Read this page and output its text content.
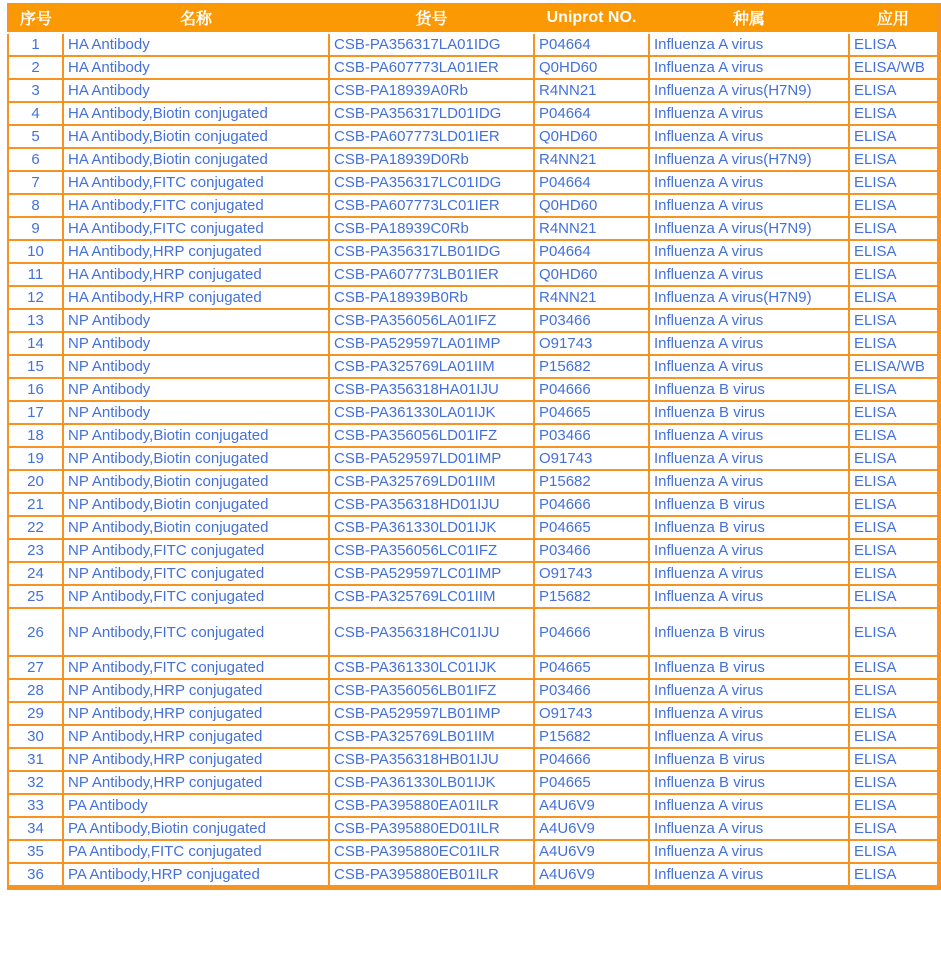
序号	名称	货号	Uniprot NO.	种属	应用
1	HA Antibody	CSB-PA356317LA01IDG	P04664	Influenza A virus	ELISA
2	HA Antibody	CSB-PA607773LA01IER	Q0HD60	Influenza A virus	ELISA/WB
3	HA Antibody	CSB-PA18939A0Rb	R4NN21	Influenza A virus(H7N9)	ELISA
4	HA Antibody,Biotin conjugated	CSB-PA356317LD01IDG	P04664	Influenza A virus	ELISA
5	HA Antibody,Biotin conjugated	CSB-PA607773LD01IER	Q0HD60	Influenza A virus	ELISA
6	HA Antibody,Biotin conjugated	CSB-PA18939D0Rb	R4NN21	Influenza A virus(H7N9)	ELISA
7	HA Antibody,FITC conjugated	CSB-PA356317LC01IDG	P04664	Influenza A virus	ELISA
8	HA Antibody,FITC conjugated	CSB-PA607773LC01IER	Q0HD60	Influenza A virus	ELISA
9	HA Antibody,FITC conjugated	CSB-PA18939C0Rb	R4NN21	Influenza A virus(H7N9)	ELISA
10	HA Antibody,HRP conjugated	CSB-PA356317LB01IDG	P04664	Influenza A virus	ELISA
11	HA Antibody,HRP conjugated	CSB-PA607773LB01IER	Q0HD60	Influenza A virus	ELISA
12	HA Antibody,HRP conjugated	CSB-PA18939B0Rb	R4NN21	Influenza A virus(H7N9)	ELISA
13	NP Antibody	CSB-PA356056LA01IFZ	P03466	Influenza A virus	ELISA
14	NP Antibody	CSB-PA529597LA01IMP	O91743	Influenza A virus	ELISA
15	NP Antibody	CSB-PA325769LA01IIM	P15682	Influenza A virus	ELISA/WB
16	NP Antibody	CSB-PA356318HA01IJU	P04666	Influenza B virus	ELISA
17	NP Antibody	CSB-PA361330LA01IJK	P04665	Influenza B virus	ELISA
18	NP Antibody,Biotin conjugated	CSB-PA356056LD01IFZ	P03466	Influenza A virus	ELISA
19	NP Antibody,Biotin conjugated	CSB-PA529597LD01IMP	O91743	Influenza A virus	ELISA
20	NP Antibody,Biotin conjugated	CSB-PA325769LD01IIM	P15682	Influenza A virus	ELISA
21	NP Antibody,Biotin conjugated	CSB-PA356318HD01IJU	P04666	Influenza B virus	ELISA
22	NP Antibody,Biotin conjugated	CSB-PA361330LD01IJK	P04665	Influenza B virus	ELISA
23	NP Antibody,FITC conjugated	CSB-PA356056LC01IFZ	P03466	Influenza A virus	ELISA
24	NP Antibody,FITC conjugated	CSB-PA529597LC01IMP	O91743	Influenza A virus	ELISA
25	NP Antibody,FITC conjugated	CSB-PA325769LC01IIM	P15682	Influenza A virus	ELISA
26	NP Antibody,FITC conjugated	CSB-PA356318HC01IJU	P04666	Influenza B virus	ELISA
27	NP Antibody,FITC conjugated	CSB-PA361330LC01IJK	P04665	Influenza B virus	ELISA
28	NP Antibody,HRP conjugated	CSB-PA356056LB01IFZ	P03466	Influenza A virus	ELISA
29	NP Antibody,HRP conjugated	CSB-PA529597LB01IMP	O91743	Influenza A virus	ELISA
30	NP Antibody,HRP conjugated	CSB-PA325769LB01IIM	P15682	Influenza A virus	ELISA
31	NP Antibody,HRP conjugated	CSB-PA356318HB01IJU	P04666	Influenza B virus	ELISA
32	NP Antibody,HRP conjugated	CSB-PA361330LB01IJK	P04665	Influenza B virus	ELISA
33	PA Antibody	CSB-PA395880EA01ILR	A4U6V9	Influenza A virus	ELISA
34	PA Antibody,Biotin conjugated	CSB-PA395880ED01ILR	A4U6V9	Influenza A virus	ELISA
35	PA Antibody,FITC conjugated	CSB-PA395880EC01ILR	A4U6V9	Influenza A virus	ELISA
36	PA Antibody,HRP conjugated	CSB-PA395880EB01ILR	A4U6V9	Influenza A virus	ELISA
